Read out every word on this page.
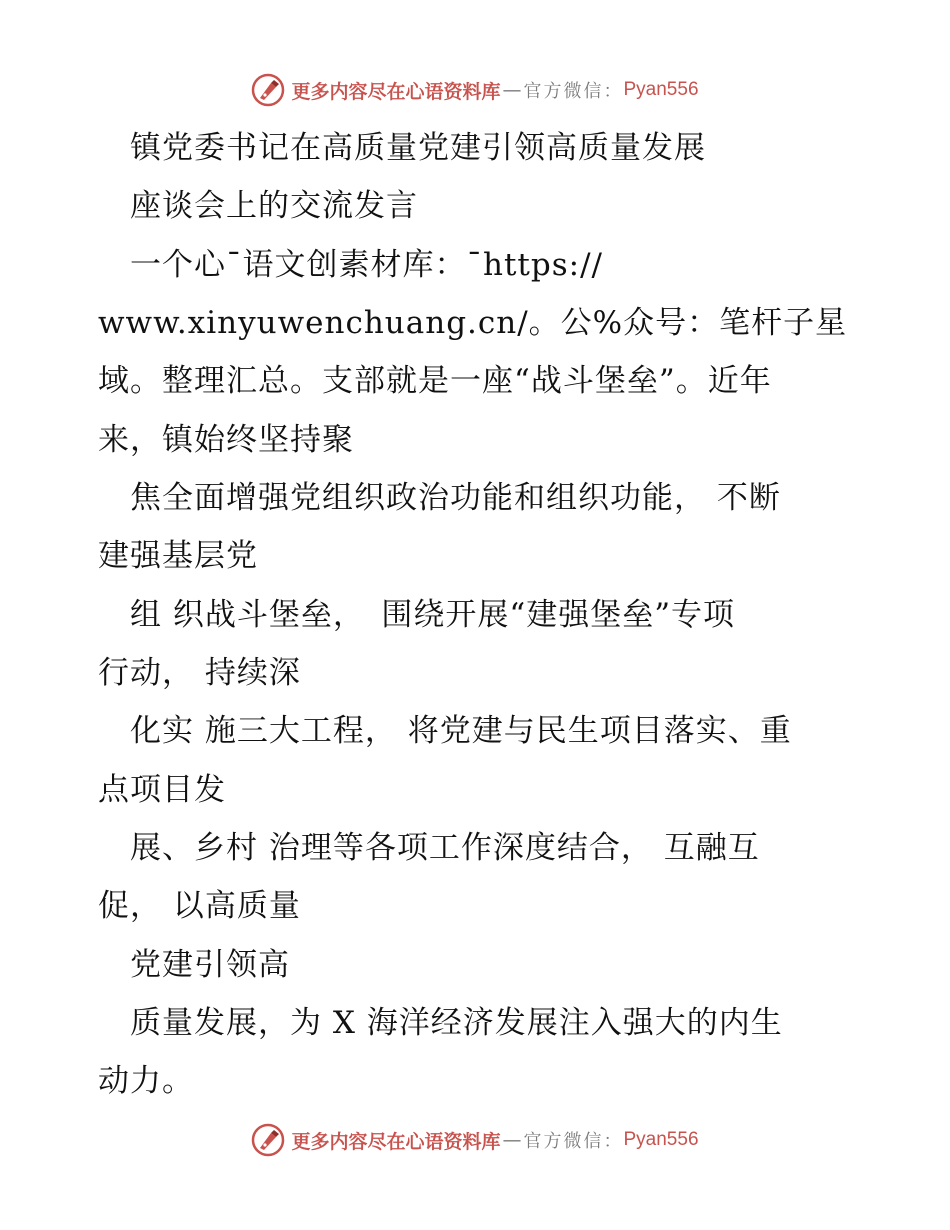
更多内容尽在心语资料库 — 官方微信： Pyan556
　镇党委书记在高质量党建引领高质量发展
　座谈会上的交流发言
　一个心¯语文创素材库：¯https://
www.xinyuwenchuang.cn/。公%众号：笔杆子星
域。整理汇总。支部就是一座“战斗堡垒”。近年
来，镇始终坚持聚
　焦全面增强党组织政治功能和组织功能， 不断
建强基层党
　组 织战斗堡垒，　围绕开展“建强堡垒”专项
行动， 持续深
　化实 施三大工程， 将党建与民生项目落实、重
点项目发
　展、乡村 治理等各项工作深度结合， 互融互
促， 以高质量
　党建引领高
　质量发展，为 X 海洋经济发展注入强大的内生
动力。
更多内容尽在心语资料库 — 官方微信： Pyan556
